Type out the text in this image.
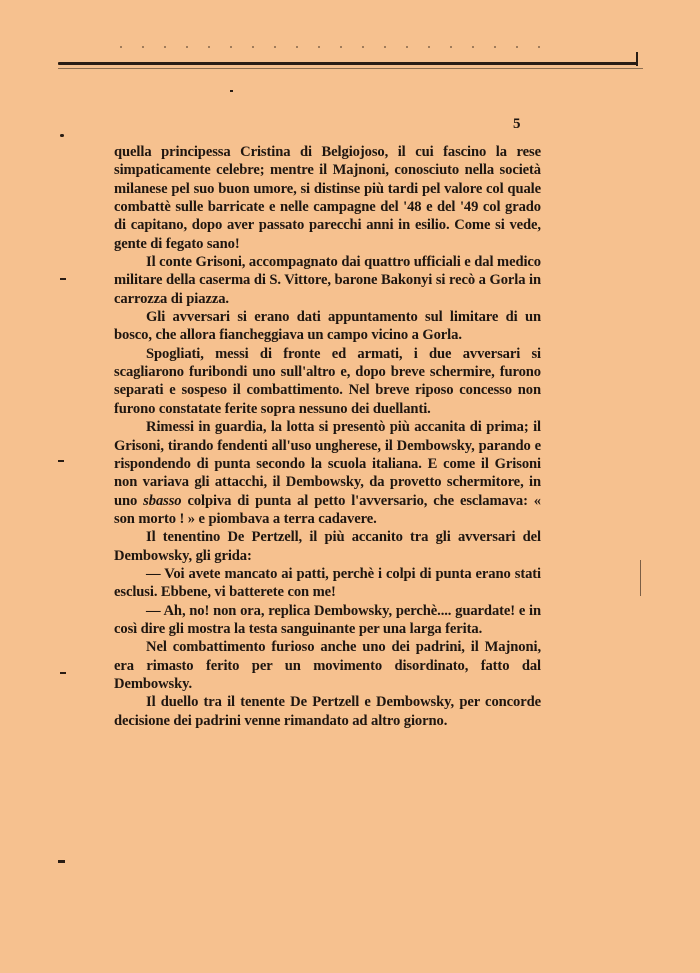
5

quella principessa Cristina di Belgiojoso, il cui fascino la rese simpaticamente celebre; mentre il Majnoni, conosciuto nella società milanese pel suo buon umore, si distinse più tardi pel valore col quale combattè sulle barricate e nelle campagne del '48 e del '49 col grado di capitano, dopo aver passato parecchi anni in esilio. Come si vede, gente di fegato sano!

Il conte Grisoni, accompagnato dai quattro ufficiali e dal medico militare della caserma di S. Vittore, barone Bakonyi si recò a Gorla in carrozza di piazza.

Gli avversari si erano dati appuntamento sul limitare di un bosco, che allora fiancheggiava un campo vicino a Gorla.

Spogliati, messi di fronte ed armati, i due avversari si scagliarono furibondi uno sull'altro e, dopo breve schermire, furono separati e sospeso il combattimento. Nel breve riposo concesso non furono constatate ferite sopra nessuno dei duellanti.

Rimessi in guardia, la lotta si presentò più accanita di prima; il Grisoni, tirando fendenti all'uso ungherese, il Dembowsky, parando e rispondendo di punta secondo la scuola italiana. E come il Grisoni non variava gli attacchi, il Dembowsky, da provetto schermitore, in uno sbasso colpiva di punta al petto l'avversario, che esclamava: « son morto ! » e piombava a terra cadavere.

Il tenentino De Pertzell, il più accanito tra gli avversari del Dembowsky, gli grida:

— Voi avete mancato ai patti, perchè i colpi di punta erano stati esclusi. Ebbene, vi batterete con me!

— Ah, no! non ora, replica Dembowsky, perchè.... guardate! e in così dire gli mostra la testa sanguinante per una larga ferita.

Nel combattimento furioso anche uno dei padrini, il Majnoni, era rimasto ferito per un movimento disordinato, fatto dal Dembowsky.

Il duello tra il tenente De Pertzell e Dembowsky, per concorde decisione dei padrini venne rimandato ad altro giorno.
